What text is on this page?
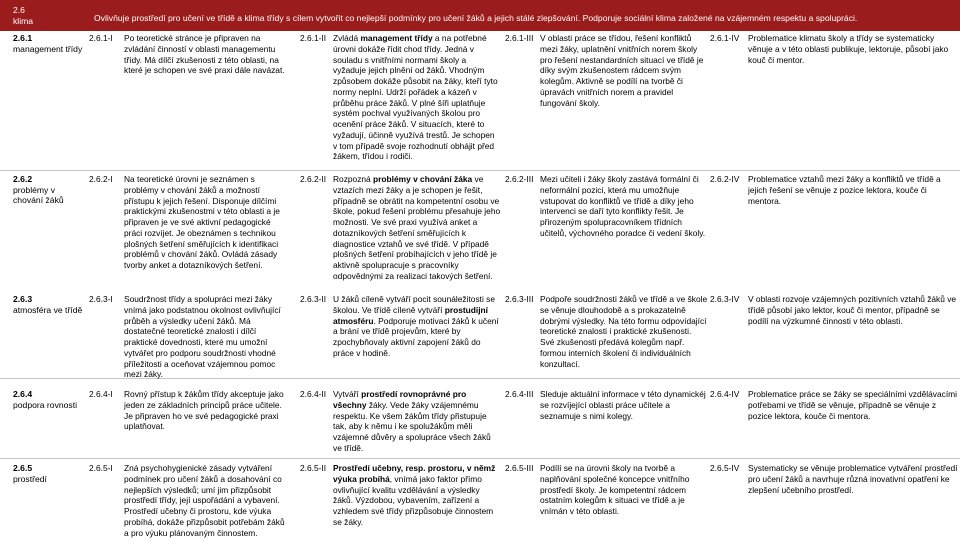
2.6
klima	Ovlivňuje prostředí pro učení ve třídě a klima třídy s cílem vytvořit co nejlepší podmínky pro učení žáků a jejich stálé zlepšování. Podporuje sociální klima založené na vzájemném respektu a spolupráci.
2.6.1
management třídy
2.6.1-I Po teoretické stránce je připraven na zvládání činností v oblasti managementu třídy. Má dílčí zkušenosti z této oblasti, na které je schopen ve své praxi dále navázat.
2.6.1-II Zvládá management třídy a na potřebné úrovni dokáže řídit chod třídy. Jedná v souladu s vnitřními normami školy a vyžaduje jejich plnění od žáků. Vhodným způsobem dokáže působit na žáky, kteří tyto normy neplní. Udrží pořádek a kázeň v průběhu práce žáků. V plné šíři uplatňuje systém pochval využívaných školou pro ocenění práce žáků. V situacích, které to vyžadují, účinně využívá trestů. Je schopen v tom případě svoje rozhodnutí obhájit před žákem, třídou i rodiči.
2.6.1-III V oblasti práce se třídou, řešení konfliktů mezi žáky, uplatnění vnitřních norem školy pro řešení nestandardních situací ve třídě je díky svým zkušenostem rádcem svým kolegům. Aktivně se podílí na tvorbě či úpravách vnitřních norem a pravidel fungování školy.
2.6.1-IV Problematice klimatu školy a třídy se systematicky věnuje a v této oblasti publikuje, lektoruje, působí jako kouč či mentor.
2.6.2
problémy v chování žáků
2.6.2-I Na teoretické úrovni je seznámen s problémy v chování žáků a možností přístupu k jejich řešení. Disponuje dílčími praktickými zkušenostmi v této oblasti a je připraven je ve své aktivní pedagogické práci rozvíjet. Je obeznámen s technikou plošných šetření směřujících k identifikaci problémů v chování žáků. Ovládá zásady tvorby anket a dotazníkových šetření.
2.6.2-II Rozpozná problémy v chování žáka ve vztazích mezi žáky a je schopen je řešit, případně se obrátit na kompetentní osobu ve škole, pokud řešení problému přesahuje jeho možnosti. Ve své praxi využívá anket a dotazníkových šetření směřujících k diagnostice vztahů ve své třídě. V případě plošných šetření probíhajících v jeho třídě je aktivně spolupracuje s pracovníky odpovědnými za realizaci takových šetření.
2.6.2-III Mezi učiteli i žáky školy zastává formální či neformální pozici, která mu umožňuje vstupovat do konfliktů ve třídě a díky jeho intervenci se daří tyto konflikty řešit. Je přirozeným spolupracovníkem třídních učitelů, výchovného poradce či vedení školy.
2.6.2-IV Problematice vztahů mezi žáky a konfliktů ve třídě a jejich řešení se věnuje z pozice lektora, kouče či mentora.
2.6.3
atmosféra ve třídě
2.6.3-I Soudržnost třídy a spolupráci mezi žáky vnímá jako podstatnou okolnost ovlivňující průběh a výsledky učení žáků. Má dostatečné teoretické znalosti i dílčí praktické dovednosti, které mu umožní vytvářet pro podporu soudržnosti vhodné příležitosti a oceňovat vzájemnou pomoc mezi žáky.
2.6.3-II U žáků cíleně vytváří pocit sounáležitosti se školou. Ve třídě cíleně vytváří prostudijní atmosféru. Podporuje motivaci žáků k učení a brání ve třídě projevům, které by zpochybňovaly aktivní zapojení žáků do práce v hodině.
2.6.3-III Podpoře soudržnosti žáků ve třídě a ve škole se věnuje dlouhodobě a s prokazatelně dobrými výsledky. Na této formu odpovídající teoretické znalosti i praktické zkušenosti. Své zkušenosti předává kolegům např. formou interních školení či individuálních konzultací.
2.6.3-IV V oblasti rozvoje vzájemných pozitivních vztahů žáků ve třídě působí jako lektor, kouč či mentor, případně se podílí na výzkumné činnosti v této oblasti.
2.6.4
podpora rovnosti
2.6.4-I Rovný přístup k žákům třídy akceptuje jako jeden ze základních principů práce učitele. Je připraven ho ve své pedagogické praxi uplatňovat.
2.6.4-II Vytváří prostředí rovnoprávné pro všechny žáky. Vede žáky vzájemnému respektu. Ke všem žákům třídy přistupuje tak, aby k němu i ke spolužákům měli vzájemné důvěry a spolupráce všech žáků ve třídě.
2.6.4-III Sleduje aktuální informace v této dynamickéj se rozvíjející oblasti práce učitele a seznamuje s nimi kolegy.
2.6.4-IV Problematice práce se žáky se speciálními vzdělávacími potřebami ve třídě se věnuje, případně se věnuje z pozice lektora, kouče či mentora.
2.6.5
prostředí
2.6.5-I Zná psychohygienické zásady vytváření podmínek pro učení žáků a dosahování co nejlepších výsledků; umí jim přizpůsobit prostředí třídy, její uspořádání a vybavení. Prostředí učebny či prostoru, kde výuka probíhá, dokáže přizpůsobit potřebám žáků a pro výuku plánovaným činnostem.
2.6.5-II Prostředí učebny, resp. prostoru, v němž výuka probíhá, vnímá jako faktor přímo ovlivňující kvalitu vzdělávání a výsledky žáků. Výzdobou, vybavením, zařízení a vzhledem své třídy přizpůsobuje činnostem se žáky.
2.6.5-III Podílí se na úrovni školy na tvorbě a naplňování společné koncepce vnitřního prostředí školy. Je kompetentní rádcem ostatním kolegům k situaci ve třídě a je vnímán v této oblasti.
2.6.5-IV Systematicky se věnuje problematice vytváření prostředí pro učení žáků a navrhuje různá inovativní opatření ke zlepšení učebního prostředí.
